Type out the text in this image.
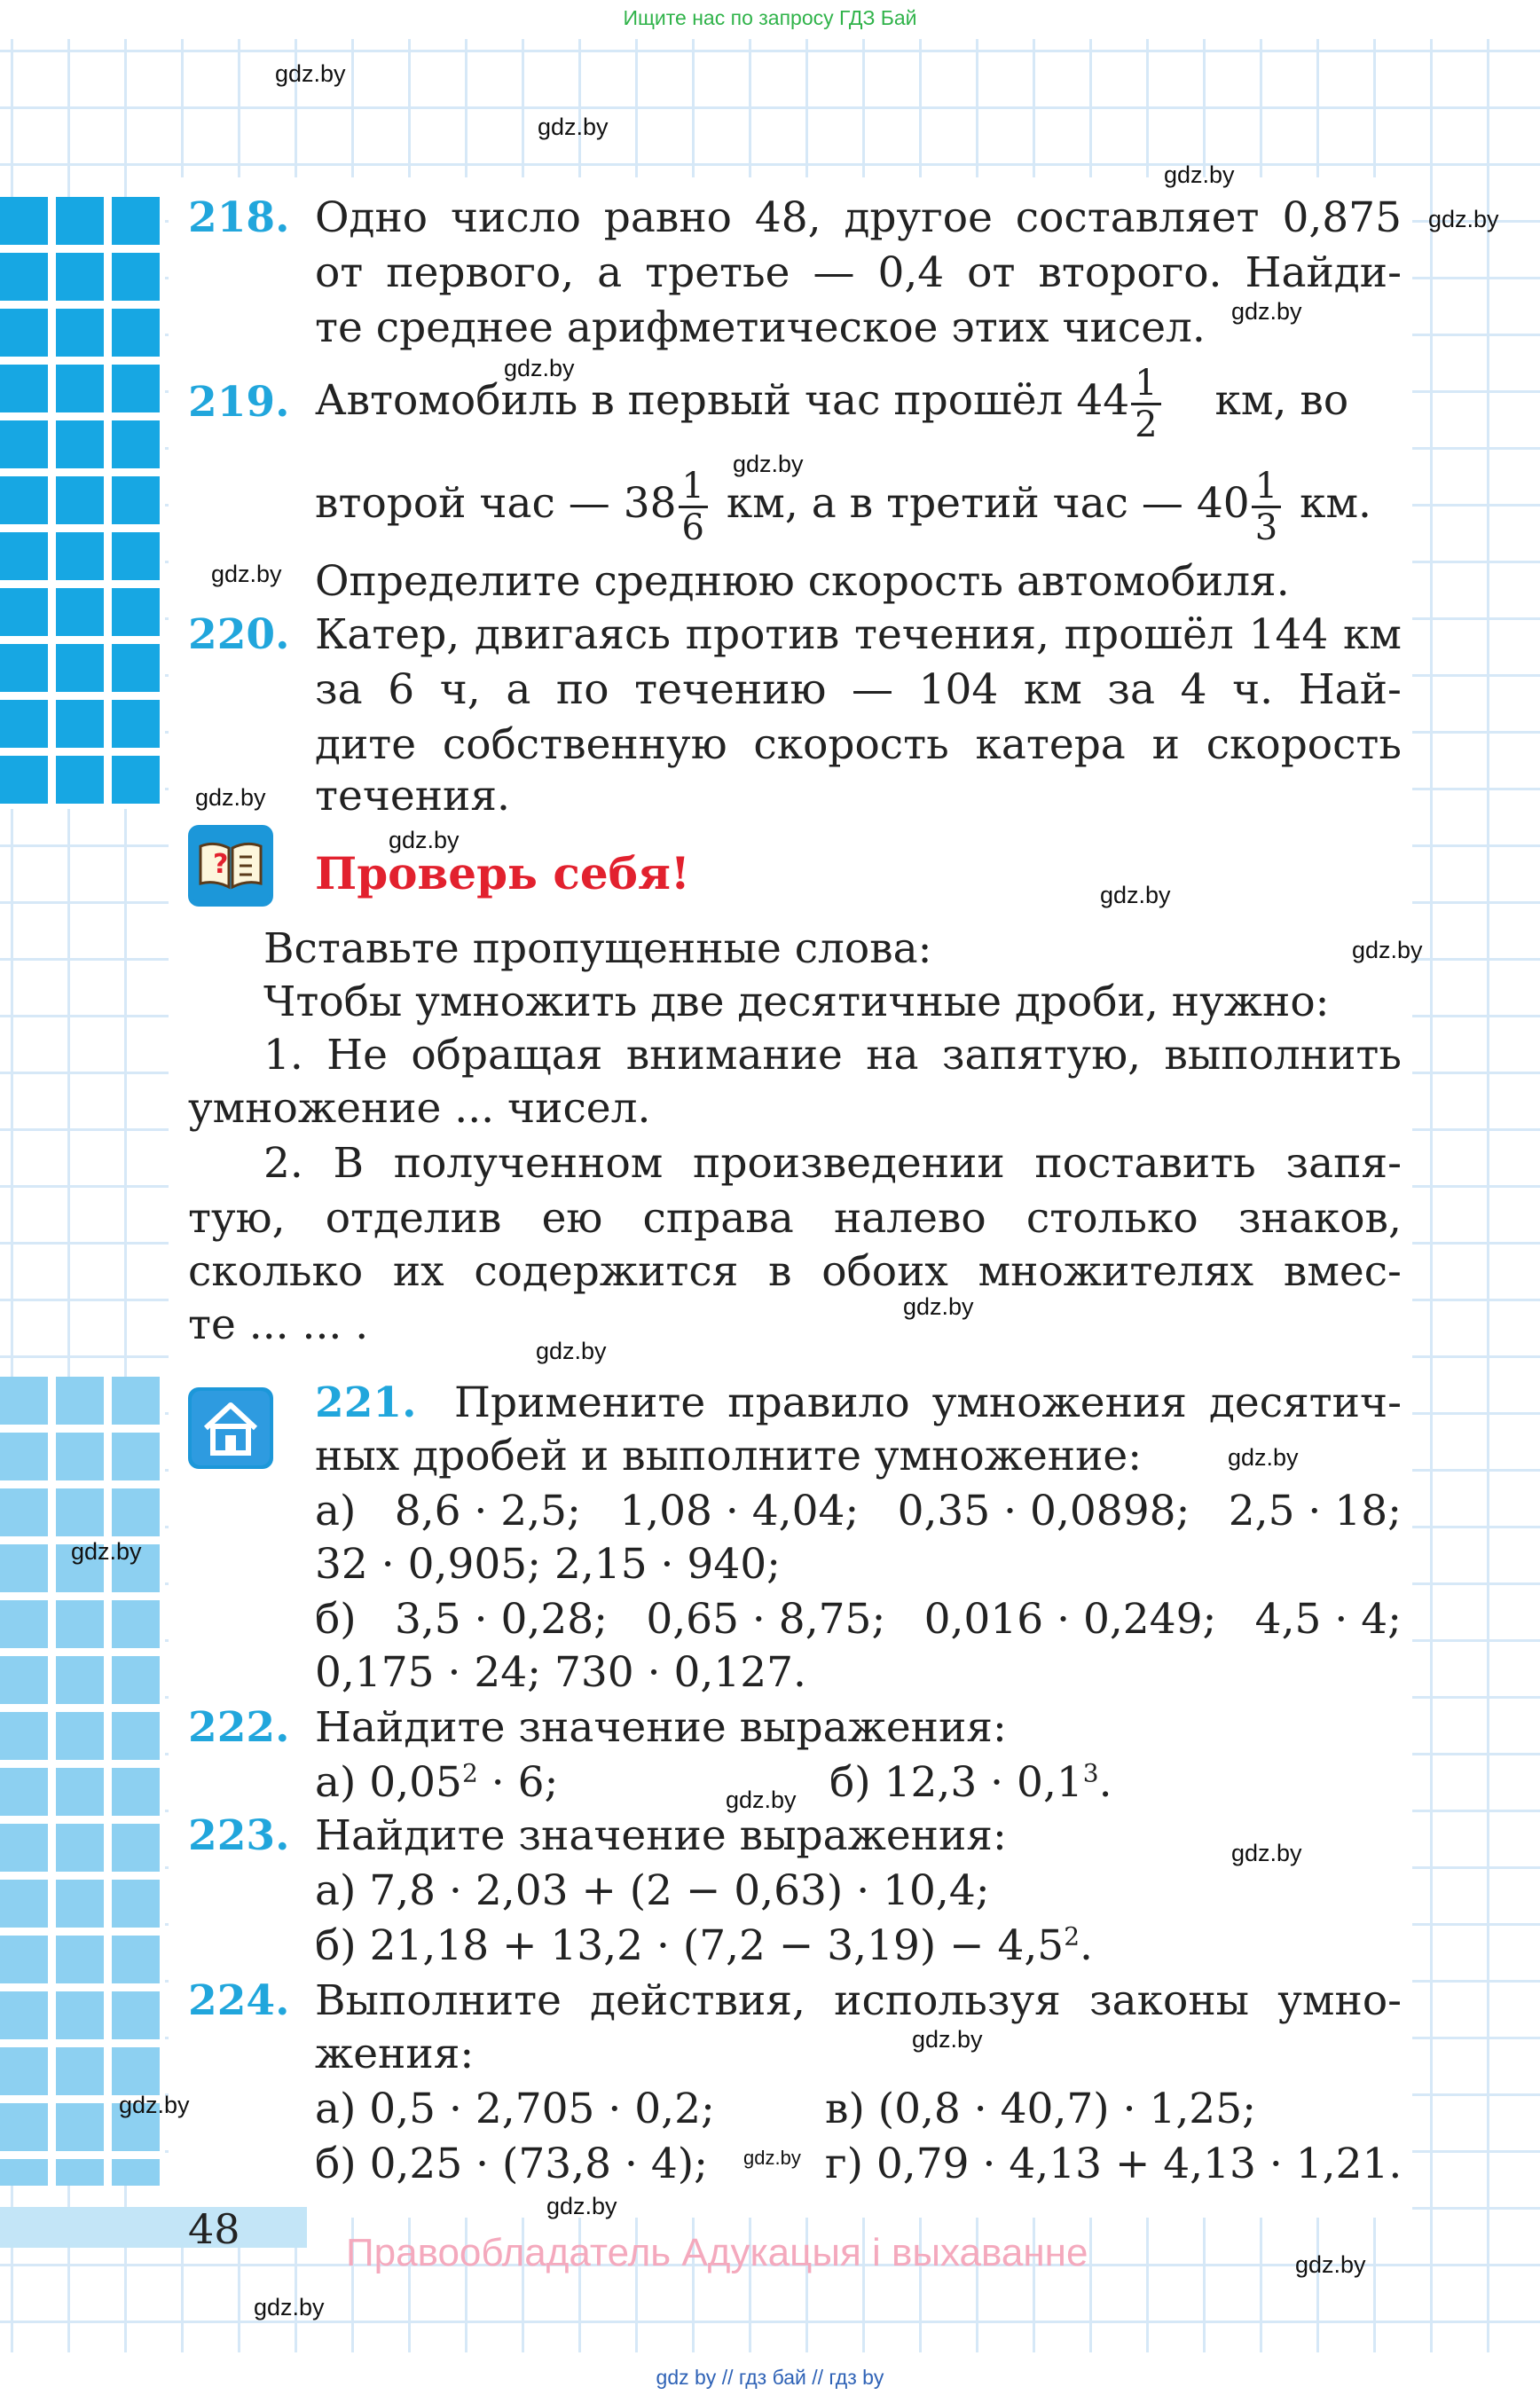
Ищите нас по запросу ГДЗ Бай
218. Одно число равно 48, другое составляет 0,875
от первого, а третье — 0,4 от второго. Найди-
те среднее арифметическое этих чисел.
219. Автомобиль в первый час прошёл $44 \frac{1}{2}$ км, во
второй час — $38 \frac{1}{6}$ км, а в третий час — $40 \frac{1}{3}$ км.
Определите среднюю скорость автомобиля.
220. Катер, двигаясь против течения, прошёл 144 км
за 6 ч, а по течению — 104 км за 4 ч. Най-
дите собственную скорость катера и скорость
течения.
? Проверь себя!
Вставьте пропущенные слова:
Чтобы умножить две десятичные дроби, нужно:
1. Не обращая внимание на запятую, выполнить
умножение ... чисел.
2. В полученном произведении поставить запя-
тую, отделив ею справа налево столько знаков,
сколько их содержится в обоих множителях вмес-
те ... ... .
221. Примените правило умножения десятич-
ных дробей и выполните умножение:
а) 8,6 · 2,5; 1,08 · 4,04; 0,35 · 0,0898; 2,5 · 18;
32 · 0,905; 2,15 · 940;
б) 3,5 · 0,28; 0,65 · 8,75; 0,016 · 0,249; 4,5 · 4;
0,175 · 24; 730 · 0,127.
222. Найдите значение выражения:
а) $0,05^2 \cdot 6$;	б) $12,3 \cdot 0,1^3$.
223. Найдите значение выражения:
а) 7,8 · 2,03 + (2 − 0,63) · 10,4;
б) $21,18 + 13,2 \cdot (7,2 - 3,19) - 4,5^2$.
224. Выполните действия, используя законы умно-
жения:
а) 0,5 · 2,705 · 0,2;	в) (0,8 · 40,7) · 1,25;
б) 0,25 · (73,8 · 4);	г) 0,79 · 4,13 + 4,13 · 1,21.
48	Правообладатель Адукацыя і выхаванне
gdz.by
gdz.by
gdz.by
gdz.by
gdz.by
gdz.by
gdz.by
gdz.by
gdz.by
gdz.by
gdz.by
gdz.by
gdz.by
gdz.by
gdz.by
gdz.by
gdz.by
gdz.by
gdz.by
gdz.by
gdz.by
gdz.by
gdz.by
gdz.by
gdz by // гдз бай // гдз by
